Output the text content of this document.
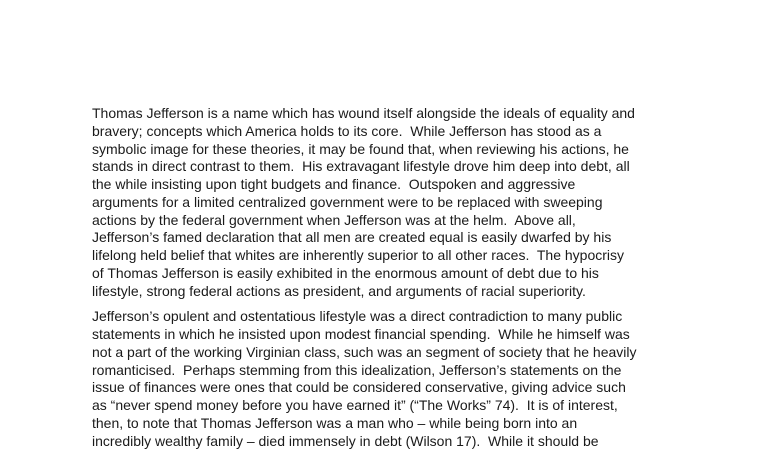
Thomas Jefferson is a name which has wound itself alongside the ideals of equality and
bravery; concepts which America holds to its core.  While Jefferson has stood as a
symbolic image for these theories, it may be found that, when reviewing his actions, he
stands in direct contrast to them.  His extravagant lifestyle drove him deep into debt, all
the while insisting upon tight budgets and finance.  Outspoken and aggressive
arguments for a limited centralized government were to be replaced with sweeping
actions by the federal government when Jefferson was at the helm.  Above all,
Jefferson’s famed declaration that all men are created equal is easily dwarfed by his
lifelong held belief that whites are inherently superior to all other races.  The hypocrisy
of Thomas Jefferson is easily exhibited in the enormous amount of debt due to his
lifestyle, strong federal actions as president, and arguments of racial superiority.

Jefferson’s opulent and ostentatious lifestyle was a direct contradiction to many public
statements in which he insisted upon modest financial spending.  While he himself was
not a part of the working Virginian class, such was an segment of society that he heavily
romanticised.  Perhaps stemming from this idealization, Jefferson’s statements on the
issue of finances were ones that could be considered conservative, giving advice such
as “never spend money before you have earned it” (“The Works” 74).  It is of interest,
then, to note that Thomas Jefferson was a man who – while being born into an
incredibly wealthy family – died immensely in debt (Wilson 17).  While it should be
